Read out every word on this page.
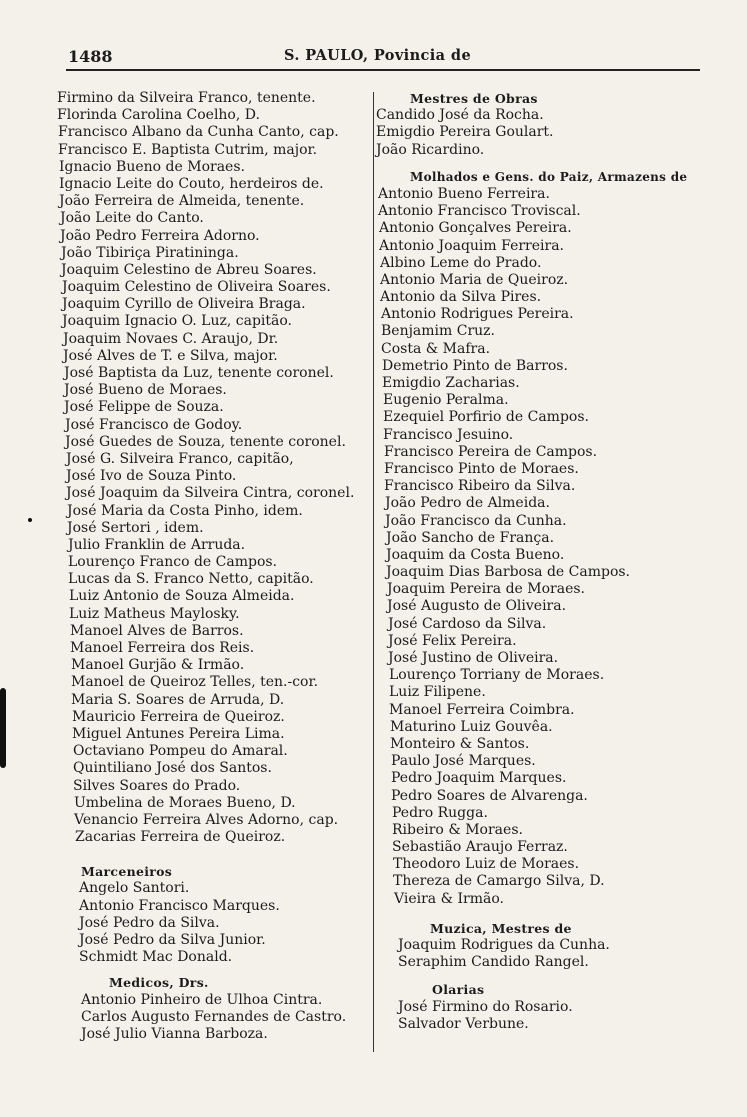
1488	S. PAULO, Povincia de
Firmino da Silveira Franco, tenente.
Florinda Carolina Coelho, D.
Francisco Albano da Cunha Canto, cap.
Francisco E. Baptista Cutrim, major.
Ignacio Bueno de Moraes.
Ignacio Leite do Couto, herdeiros de.
João Ferreira de Almeida, tenente.
João Leite do Canto.
João Pedro Ferreira Adorno.
João Tibiriça Piratininga.
Joaquim Celestino de Abreu Soares.
Joaquim Celestino de Oliveira Soares.
Joaquim Cyrillo de Oliveira Braga.
Joaquim Ignacio O. Luz, capitão.
Joaquim Novaes C. Araujo, Dr.
José Alves de T. e Silva, major.
José Baptista da Luz, tenente coronel.
José Bueno de Moraes.
José Felippe de Souza.
José Francisco de Godoy.
José Guedes de Souza, tenente coronel.
José G. Silveira Franco, capitão,
José Ivo de Souza Pinto.
José Joaquim da Silveira Cintra, coronel.
José Maria da Costa Pinho, idem.
José Sertori , idem.
Julio Franklin de Arruda.
Lourenço Franco de Campos.
Lucas da S. Franco Netto, capitão.
Luiz Antonio de Souza Almeida.
Luiz Matheus Maylosky.
Manoel Alves de Barros.
Manoel Ferreira dos Reis.
Manoel Gurjão & Irmão.
Manoel de Queiroz Telles, ten.-cor.
Maria S. Soares de Arruda, D.
Mauricio Ferreira de Queiroz.
Miguel Antunes Pereira Lima.
Octaviano Pompeu do Amaral.
Quintiliano José dos Santos.
Silves Soares do Prado.
Umbelina de Moraes Bueno, D.
Venancio Ferreira Alves Adorno, cap.
Zacarias Ferreira de Queiroz.
Marceneiros
Angelo Santori.
Antonio Francisco Marques.
José Pedro da Silva.
José Pedro da Silva Junior.
Schmidt Mac Donald.
Medicos, Drs.
Antonio Pinheiro de Ulhoa Cintra.
Carlos Augusto Fernandes de Castro.
José Julio Vianna Barboza.
Mestres de Obras
Candido José da Rocha.
Emigdio Pereira Goulart.
João Ricardino.
Molhados e Gens. do Paiz, Armazens de
Antonio Bueno Ferreira.
Antonio Francisco Troviscal.
Antonio Gonçalves Pereira.
Antonio Joaquim Ferreira.
Albino Leme do Prado.
Antonio Maria de Queiroz.
Antonio da Silva Pires.
Antonio Rodrigues Pereira.
Benjamim Cruz.
Costa & Mafra.
Demetrio Pinto de Barros.
Emigdio Zacharias.
Eugenio Peralma.
Ezequiel Porfirio de Campos.
Francisco Jesuino.
Francisco Pereira de Campos.
Francisco Pinto de Moraes.
Francisco Ribeiro da Silva.
João Pedro de Almeida.
João Francisco da Cunha.
João Sancho de França.
Joaquim da Costa Bueno.
Joaquim Dias Barbosa de Campos.
Joaquim Pereira de Moraes.
José Augusto de Oliveira.
José Cardoso da Silva.
José Felix Pereira.
José Justino de Oliveira.
Lourenço Torriany de Moraes.
Luiz Filipene.
Manoel Ferreira Coimbra.
Maturino Luiz Gouvêa.
Monteiro & Santos.
Paulo José Marques.
Pedro Joaquim Marques.
Pedro Soares de Alvarenga.
Pedro Rugga.
Ribeiro & Moraes.
Sebastião Araujo Ferraz.
Theodoro Luiz de Moraes.
Thereza de Camargo Silva, D.
Vieira & Irmão.
Muzica, Mestres de
Joaquim Rodrigues da Cunha.
Seraphim Candido Rangel.
Olarias
José Firmino do Rosario.
Salvador Verbune.
